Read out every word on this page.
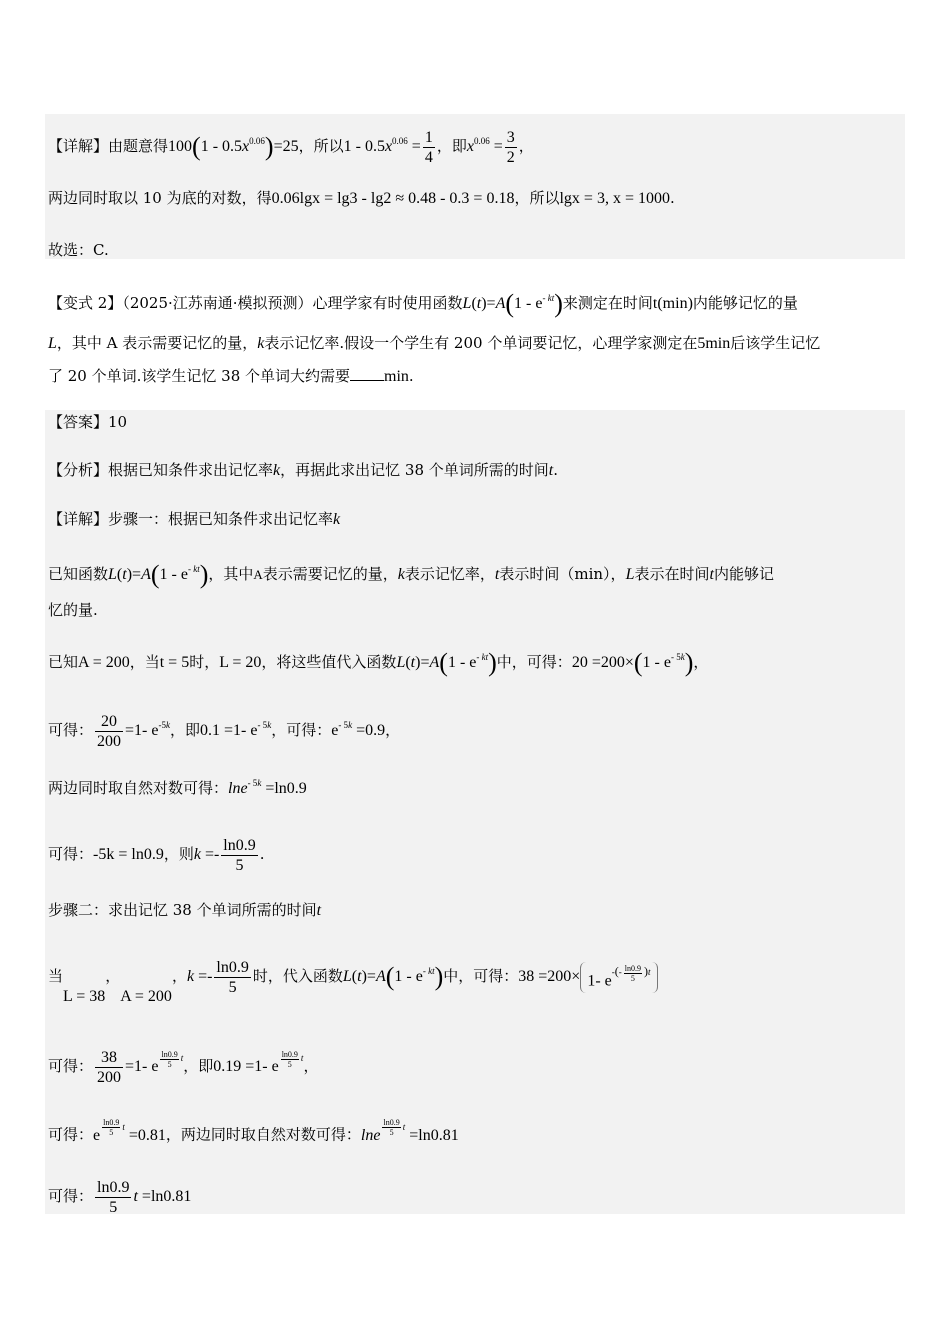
【详解】由题意得$100(1 - 0.5x^{0.06})=25$，所以$1 - 0.5x^{0.06} = \frac{1}{4}$ ，即$x^{0.06} = \frac{3}{2}$ ，
两边同时取以 10 为底的对数，得0.06lgx = lg3 - lg2 ≈ 0.48 - 0.3 = 0.18，所以lgx = 3, x = 1000.
故选：C.
【变式 2】（2025·江苏南通·模拟预测）心理学家有时使用函数$L(t)=A(1 - e^{- kt})$来测定在时间t(min)内能够记忆的量
L，其中 A 表示需要记忆的量，k表示记忆率.假设一个学生有 200 个单词要记忆，心理学家测定在5min后该学生记忆
了 20 个单词.该学生记忆 38 个单词大约需要 min.
【答案】10
【分析】根据已知条件求出记忆率k，再据此求出记忆 38 个单词所需的时间t.
【详解】步骤一：根据已知条件求出记忆率k
已知函数$L(t)=A(1 - e^{- kt})$，其中A表示需要记忆的量，k表示记忆率，t表示时间（min），L表示在时间t内能够记
忆的量.
已知A = 200，当t = 5时，L = 20，将这些值代入函数$L(t)=A(1 - e^{- kt})$中，可得：$20 =200\times(1 - e^{- 5k})$，
可得： $\frac{20}{200} =1-$ $e^{-5k}$，即0.1 =1- $e^{- 5k}$，可得：$e^{- 5k} =0.9$，
两边同时取自然对数可得：lne$^{- 5k}$ =ln0.9
可得：-5k = ln0.9，则$k =- \frac{\ln 0.9}{5}$ .
步骤二：求出记忆 38 个单词所需的时间t
当L = 38，A = 200，$k =- \frac{\ln 0.9}{5}$ 时，代入函数$L(t)=A(1 - e^{- kt})$中，可得：38 =200× 1- $e^{-(- \frac{\ln 0.9}{5} )t}$
可得： $\frac{38}{200} =1-$ e $^{\frac{\ln 0.9}{5} t}$，即0.19 =1- e $^{\frac{\ln 0.9}{5} t}$，
可得：e $^{\frac{\ln 0.9}{5} t}$ =0.81，两边同时取自然对数可得：lne $^{\frac{\ln 0.9}{5} t}$ =ln0.81
可得： $\frac{\ln 0.9}{5}$ t =ln0.81
